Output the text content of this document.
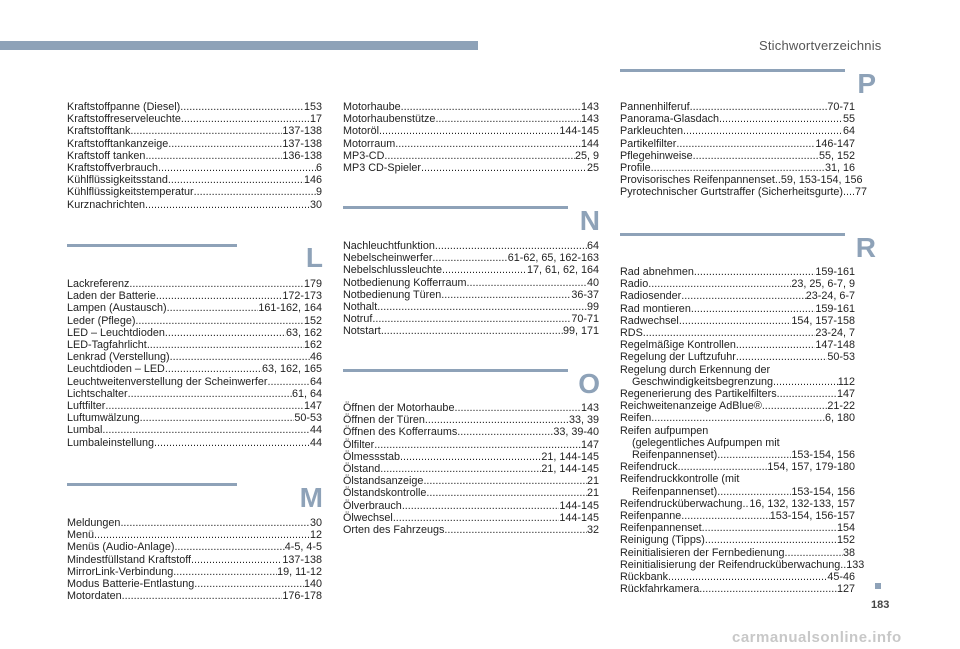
Stichwortverzeichnis
Kraftstoffpanne (Diesel) .....	153
Kraftstoffreserveleuchte .....	17
Kraftstofftank .....	137-138
Kraftstofftankanzeige .....	137-138
Kraftstoff tanken .....	136-138
Kraftstoffverbrauch .....	6
Kühlflüssigkeitsstand .....	146
Kühlflüssigkeitstemperatur .....	9
Kurznachrichten .....	30
L
Lackreferenz .....	179
Laden der Batterie .....	172-173
Lampen (Austausch) .....	161-162, 164
Leder (Pflege) .....	152
LED – Leuchtdioden .....	63, 162
LED-Tagfahrlicht .....	162
Lenkrad (Verstellung) .....	46
Leuchtdioden – LED .....	63, 162, 165
Leuchtweitenverstellung der Scheinwerfer .....	64
Lichtschalter .....	61, 64
Luftfilter .....	147
Luftumwälzung .....	50-53
Lumbal .....	44
Lumbaleinstellung .....	44
M
Meldungen .....	30
Menü .....	12
Menüs (Audio-Anlage) .....	4-5, 4-5
Mindestfüllstand Kraftstoff .....	137-138
MirrorLink-Verbindung .....	19, 11-12
Modus Batterie-Entlastung .....	140
Motordaten .....	176-178
Motorhaube .....	143
Motorhaubenstütze .....	143
Motoröl .....	144-145
Motorraum .....	144
MP3-CD .....	25, 9
MP3 CD-Spieler .....	25
N
Nachleuchtfunktion .....	64
Nebelscheinwerfer .....	61-62, 65, 162-163
Nebelschlussleuchte .....	17, 61, 62, 164
Notbedienung Kofferraum .....	40
Notbedienung Türen .....	36-37
Nothalt .....	99
Notruf .....	70-71
Notstart .....	99, 171
O
Öffnen der Motorhaube .....	143
Öffnen der Türen .....	33, 39
Öffnen des Kofferraums .....	33, 39-40
Ölfilter .....	147
Ölmessstab .....	21, 144-145
Ölstand .....	21, 144-145
Ölstandsanzeige .....	21
Ölstandskontrolle .....	21
Ölverbrauch .....	144-145
Ölwechsel .....	144-145
Orten des Fahrzeugs .....	32
P
Pannenhilferuf .....	70-71
Panorama-Glasdach .....	55
Parkleuchten .....	64
Partikelfilter .....	146-147
Pflegehinweise .....	55, 152
Profile .....	31, 16
Provisorisches Reifenpannenset ..... 59, 153-154, 156
Pyrotechnischer Gurtstraffer (Sicherheitsgurte)....77
R
Rad abnehmen .....	159-161
Radio .....	23, 25, 6-7, 9
Radiosender .....	23-24, 6-7
Rad montieren .....	159-161
Radwechsel .....	154, 157-158
RDS .....	23-24, 7
Regelmäßige Kontrollen .....	147-148
Regelung der Luftzufuhr .....	50-53
Regelung durch Erkennung der
Geschwindigkeitsbegrenzung .....	112
Regenerierung des Partikelfilters .....	147
Reichweitenanzeige AdBlue® .....	21-22
Reifen .....	6, 180
Reifen aufpumpen
(gelegentliches Aufpumpen mit
Reifenpannenset) .....	153-154, 156
Reifendruck .....	154, 157, 179-180
Reifendruckkontrolle (mit
Reifenpannenset) .....	153-154, 156
Reifendrucküberwachung ..... 16, 132, 132-133, 157
Reifenpanne .....	153-154, 156-157
Reifenpannenset .....	154
Reinigung (Tipps) .....	152
Reinitialisieren der Fernbedienung .....	38
Reinitialisierung der Reifendrucküberwachung ..... 133
Rückbank .....	45-46
Rückfahrkamera .....	127
183
carmanualsonline.info
